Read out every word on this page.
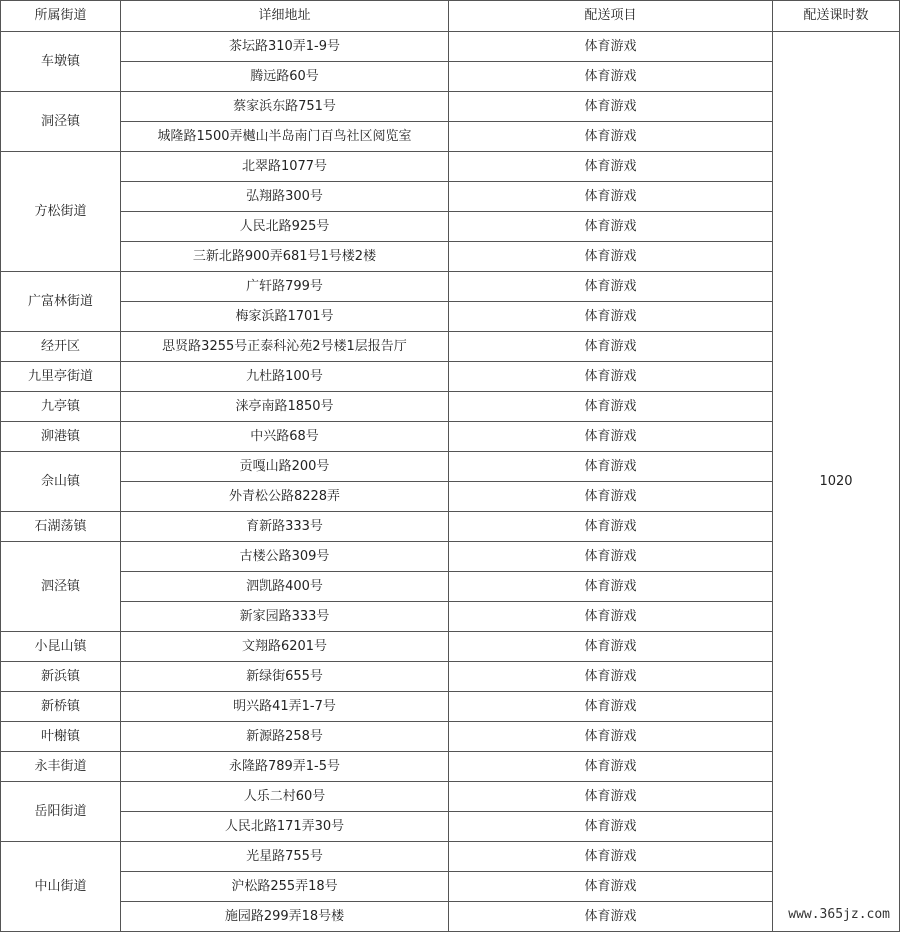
所属街道	详细地址	配送项目	配送课时数
车墩镇	茶坛路310弄1-9号	体育游戏	1020
	腾远路60号	体育游戏	
洞泾镇	蔡家浜东路751号	体育游戏	
	城隆路1500弄樾山半岛南门百鸟社区阅览室	体育游戏	
方松街道	北翠路1077号	体育游戏	
	弘翔路300号	体育游戏	
	人民北路925号	体育游戏	
	三新北路900弄681号1号楼2楼	体育游戏	
广富林街道	广轩路799号	体育游戏	
	梅家浜路1701号	体育游戏	
经开区	思贤路3255号正泰科沁苑2号楼1层报告厅	体育游戏	
九里亭街道	九杜路100号	体育游戏	
九亭镇	涞亭南路1850号	体育游戏	
泖港镇	中兴路68号	体育游戏	
佘山镇	贡嘎山路200号	体育游戏	
	外青松公路8228弄	体育游戏	
石湖荡镇	育新路333号	体育游戏	
泗泾镇	古楼公路309号	体育游戏	
	泗凯路400号	体育游戏	
	新家园路333号	体育游戏	
小昆山镇	文翔路6201号	体育游戏	
新浜镇	新绿街655号	体育游戏	
新桥镇	明兴路41弄1-7号	体育游戏	
叶榭镇	新源路258号	体育游戏	
永丰街道	永隆路789弄1-5号	体育游戏	
岳阳街道	人乐二村60号	体育游戏	
	人民北路171弄30号	体育游戏	
中山街道	光星路755号	体育游戏	
	沪松路255弄18号	体育游戏	
	施园路299弄18号楼	体育游戏		www.365jz.com
